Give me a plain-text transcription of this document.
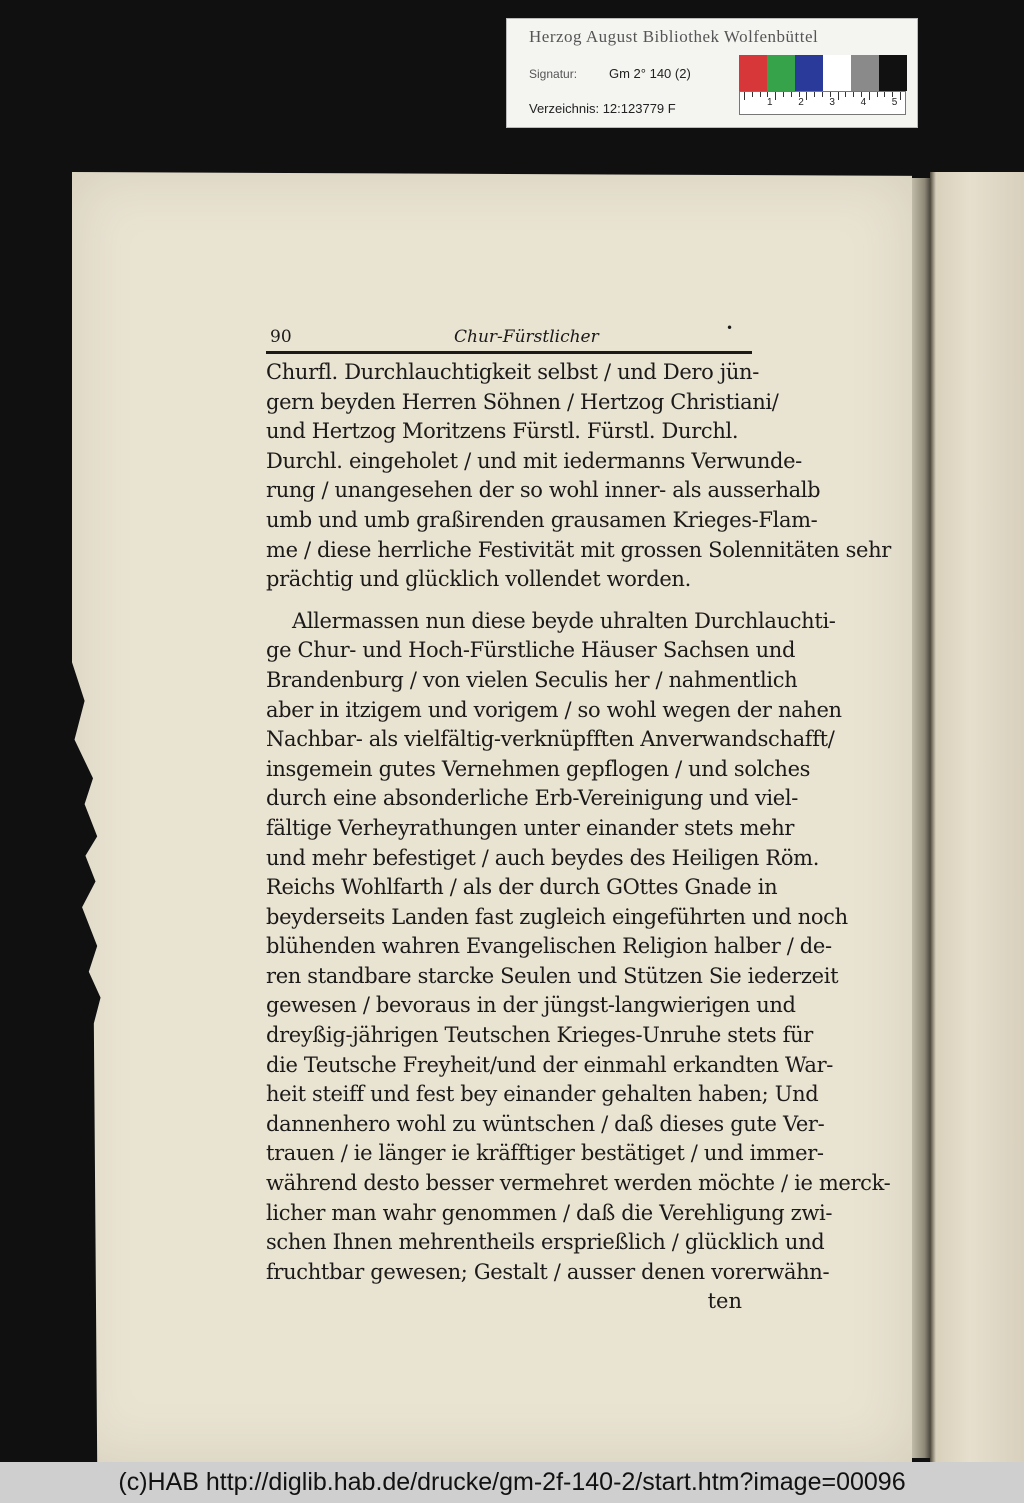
Herzog August Bibliothek Wolfenbüttel
Signatur: Gm 2° 140 (2)
Verzeichnis: 12:123779 F	1	2	3	4	5
90	Chur-Fürstlicher	•
Churfl. Durchlauchtigkeit selbst / und Dero jün-
gern beyden Herren Söhnen / Hertzog Christiani/
und Hertzog Moritzens Fürstl. Fürstl. Durchl.
Durchl. eingeholet / und mit iedermanns Verwunde-
rung / unangesehen der so wohl inner- als ausserhalb
umb und umb graßirenden grausamen Krieges-Flam-
me / diese herrliche Festivität mit grossen Solennitäten sehr
prächtig und glücklich vollendet worden.
Allermassen nun diese beyde uhralten Durchlauchti-
ge Chur- und Hoch-Fürstliche Häuser Sachsen und
Brandenburg / von vielen Seculis her / nahmentlich
aber in itzigem und vorigem / so wohl wegen der nahen
Nachbar- als vielfältig-verknüpfften Anverwandschafft/
insgemein gutes Vernehmen gepflogen / und solches
durch eine absonderliche Erb-Vereinigung und viel-
fältige Verheyrathungen unter einander stets mehr
und mehr befestiget / auch beydes des Heiligen Röm.
Reichs Wohlfarth / als der durch GOttes Gnade in
beyderseits Landen fast zugleich eingeführten und noch
blühenden wahren Evangelischen Religion halber / de-
ren standbare starcke Seulen und Stützen Sie iederzeit
gewesen / bevoraus in der jüngst-langwierigen und
dreyßig-jährigen Teutschen Krieges-Unruhe stets für
die Teutsche Freyheit/und der einmahl erkandten War-
heit steiff und fest bey einander gehalten haben; Und
dannenhero wohl zu wüntschen / daß dieses gute Ver-
trauen / ie länger ie kräfftiger bestätiget / und immer-
während desto besser vermehret werden möchte / ie merck-
licher man wahr genommen / daß die Verehligung zwi-
schen Ihnen mehrentheils ersprießlich / glücklich und
fruchtbar gewesen; Gestalt / ausser denen vorerwähn-
ten
(c)HAB http://diglib.hab.de/drucke/gm-2f-140-2/start.htm?image=00096
